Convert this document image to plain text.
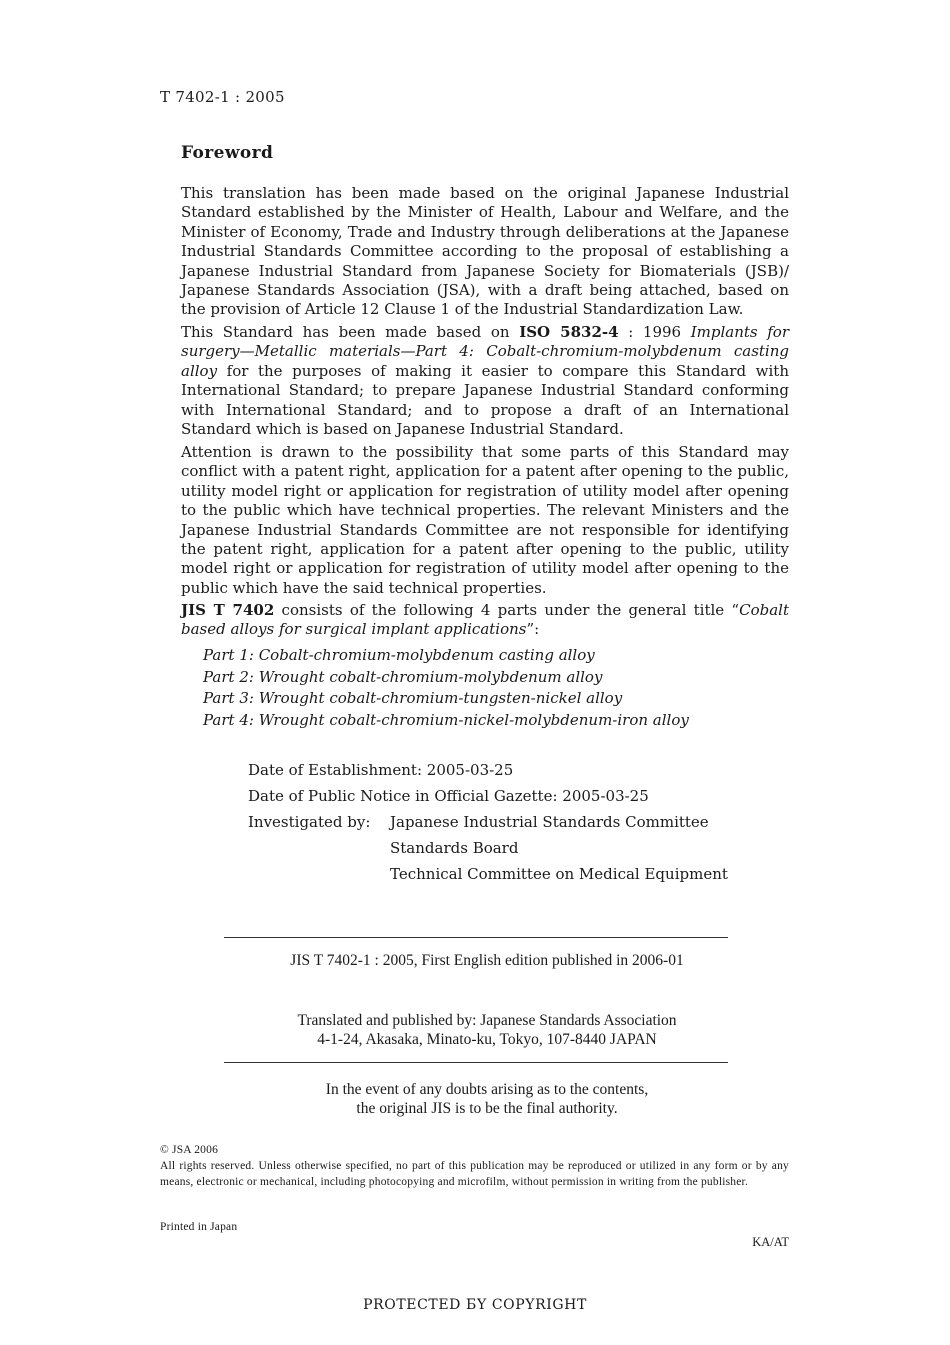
T 7402-1 : 2005
Foreword

This translation has been made based on the original Japanese Industrial Standard established by the Minister of Health, Labour and Welfare, and the Minister of Economy, Trade and Industry through deliberations at the Japanese Industrial Standards Committee according to the proposal of establishing a Japanese Industrial Standard from Japanese Society for Biomaterials (JSB)/ Japanese Standards Association (JSA), with a draft being attached, based on the provision of Article 12 Clause 1 of the Industrial Standardization Law.

This Standard has been made based on ISO 5832-4 : 1996 Implants for surgery—Metallic materials—Part 4: Cobalt-chromium-molybdenum casting alloy for the purposes of making it easier to compare this Standard with International Standard; to prepare Japanese Industrial Standard conforming with International Standard; and to propose a draft of an International Standard which is based on Japanese Industrial Standard.

Attention is drawn to the possibility that some parts of this Standard may conflict with a patent right, application for a patent after opening to the public, utility model right or application for registration of utility model after opening to the public which have technical properties. The relevant Ministers and the Japanese Industrial Standards Committee are not responsible for identifying the patent right, application for a patent after opening to the public, utility model right or application for registration of utility model after opening to the public which have the said technical properties.

JIS T 7402 consists of the following 4 parts under the general title “Cobalt based alloys for surgical implant applications”:

Part 1: Cobalt-chromium-molybdenum casting alloy
Part 2: Wrought cobalt-chromium-molybdenum alloy
Part 3: Wrought cobalt-chromium-tungsten-nickel alloy
Part 4: Wrought cobalt-chromium-nickel-molybdenum-iron alloy
Date of Establishment: 2005-03-25
Date of Public Notice in Official Gazette: 2005-03-25
Investigated by: Japanese Industrial Standards Committee
Standards Board
Technical Committee on Medical Equipment
JIS T 7402-1 : 2005, First English edition published in 2006-01
Translated and published by: Japanese Standards Association
4-1-24, Akasaka, Minato-ku, Tokyo, 107-8440 JAPAN
In the event of any doubts arising as to the contents,
the original JIS is to be the final authority.
© JSA 2006
All rights reserved. Unless otherwise specified, no part of this publication may be reproduced or utilized in any form or by any means, electronic or mechanical, including photocopying and microfilm, without permission in writing from the publisher.
Printed in Japan
KA/AT
PROTECTED БY COPYRIGHT
